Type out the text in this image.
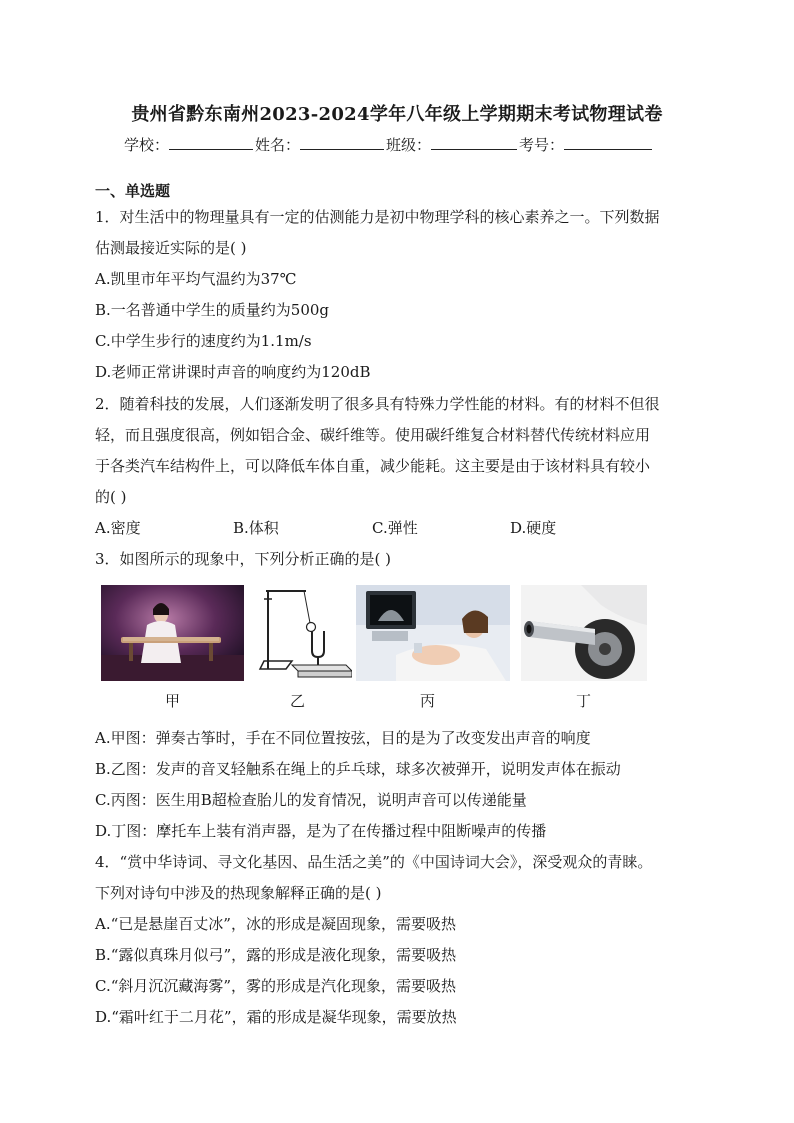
贵州省黔东南州2023-2024学年八年级上学期期末考试物理试卷
学校：	姓名：	班级：	考号：
一、单选题
1．对生活中的物理量具有一定的估测能力是初中物理学科的核心素养之一。下列数据
估测最接近实际的是( )
A.凯里市年平均气温约为37℃
B.一名普通中学生的质量约为500g
C.中学生步行的速度约为1.1m/s
D.老师正常讲课时声音的响度约为120dB
2．随着科技的发展，人们逐渐发明了很多具有特殊力学性能的材料。有的材料不但很
轻，而且强度很高，例如铝合金、碳纤维等。使用碳纤维复合材料替代传统材料应用
于各类汽车结构件上，可以降低车体自重，减少能耗。这主要是由于该材料具有较小
的( )
A.密度	B.体积	C.弹性	D.硬度
3．如图所示的现象中，下列分析正确的是( )
甲	乙	丙	丁
A.甲图：弹奏古筝时，手在不同位置按弦，目的是为了改变发出声音的响度
B.乙图：发声的音叉轻触系在绳上的乒乓球，球多次被弹开，说明发声体在振动
C.丙图：医生用B超检查胎儿的发育情况，说明声音可以传递能量
D.丁图：摩托车上装有消声器，是为了在传播过程中阻断噪声的传播
4．“赏中华诗词、寻文化基因、品生活之美”的《中国诗词大会》，深受观众的青睐。
下列对诗句中涉及的热现象解释正确的是( )
A.“已是悬崖百丈冰”，冰的形成是凝固现象，需要吸热
B.“露似真珠月似弓”，露的形成是液化现象，需要吸热
C.“斜月沉沉藏海雾”，雾的形成是汽化现象，需要吸热
D.“霜叶红于二月花”，霜的形成是凝华现象，需要放热
